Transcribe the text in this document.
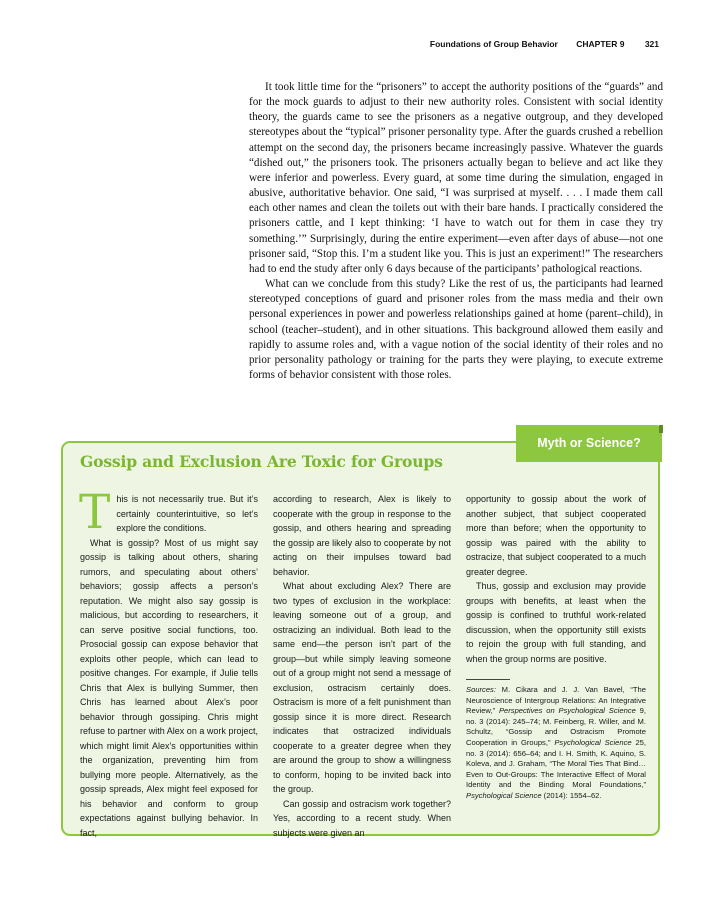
Foundations of Group Behavior CHAPTER 9 321

It took little time for the “prisoners” to accept the authority positions of the “guards” and for the mock guards to adjust to their new authority roles. Consistent with social identity theory, the guards came to see the prisoners as a negative outgroup, and they developed stereotypes about the “typical” prisoner personality type. After the guards crushed a rebellion attempt on the second day, the prisoners became increasingly passive. Whatever the guards “dished out,” the prisoners took. The prisoners actually began to believe and act like they were inferior and powerless. Every guard, at some time during the simulation, engaged in abusive, authoritative behavior. One said, “I was surprised at myself. . . . I made them call each other names and clean the toilets out with their bare hands. I practically considered the prisoners cattle, and I kept thinking: ‘I have to watch out for them in case they try something.’” Surprisingly, during the entire experiment—even after days of abuse—not one prisoner said, “Stop this. I’m a student like you. This is just an experiment!” The researchers had to end the study after only 6 days because of the participants’ pathological reactions.

What can we conclude from this study? Like the rest of us, the participants had learned stereotyped conceptions of guard and prisoner roles from the mass media and their own personal experiences in power and powerless relationships gained at home (parent–child), in school (teacher–student), and in other situations. This background allowed them easily and rapidly to assume roles and, with a vague notion of the social identity of their roles and no prior personality pathology or training for the parts they were playing, to execute extreme forms of behavior consistent with those roles.

Myth or Science?
Gossip and Exclusion Are Toxic for Groups

This is not necessarily true. But it’s certainly counterintuitive, so let’s explore the conditions.

What is gossip? Most of us might say gossip is talking about others, sharing rumors, and speculating about others’ behaviors; gossip affects a person’s reputation. We might also say gossip is malicious, but according to researchers, it can serve positive social functions, too. Prosocial gossip can expose behavior that exploits other people, which can lead to positive changes. For example, if Julie tells Chris that Alex is bullying Summer, then Chris has learned about Alex’s poor behavior through gossiping. Chris might refuse to partner with Alex on a work project, which might limit Alex’s opportunities within the organization, preventing him from bullying more people. Alternatively, as the gossip spreads, Alex might feel exposed for his behavior and conform to group expectations against bullying behavior. In fact,

according to research, Alex is likely to cooperate with the group in response to the gossip, and others hearing and spreading the gossip are likely also to cooperate by not acting on their impulses toward bad behavior.

What about excluding Alex? There are two types of exclusion in the workplace: leaving someone out of a group, and ostracizing an individual. Both lead to the same end—the person isn’t part of the group—but while simply leaving someone out of a group might not send a message of exclusion, ostracism certainly does. Ostracism is more of a felt punishment than gossip since it is more direct. Research indicates that ostracized individuals cooperate to a greater degree when they are around the group to show a willingness to conform, hoping to be invited back into the group.

Can gossip and ostracism work together? Yes, according to a recent study. When subjects were given an

opportunity to gossip about the work of another subject, that subject cooperated more than before; when the opportunity to gossip was paired with the ability to ostracize, that subject cooperated to a much greater degree.

Thus, gossip and exclusion may provide groups with benefits, at least when the gossip is confined to truthful work-related discussion, when the opportunity still exists to rejoin the group with full standing, and when the group norms are positive.

Sources: M. Cikara and J. J. Van Bavel, “The Neuroscience of Intergroup Relations: An Integrative Review,” Perspectives on Psychological Science 9, no. 3 (2014): 245–74; M. Feinberg, R. Willer, and M. Schultz, “Gossip and Ostracism Promote Cooperation in Groups,” Psychological Science 25, no. 3 (2014): 656–64; and I. H. Smith, K. Aquino, S. Koleva, and J. Graham, “The Moral Ties That Bind…Even to Out-Groups: The Interactive Effect of Moral Identity and the Binding Moral Foundations,” Psychological Science (2014): 1554–62.
